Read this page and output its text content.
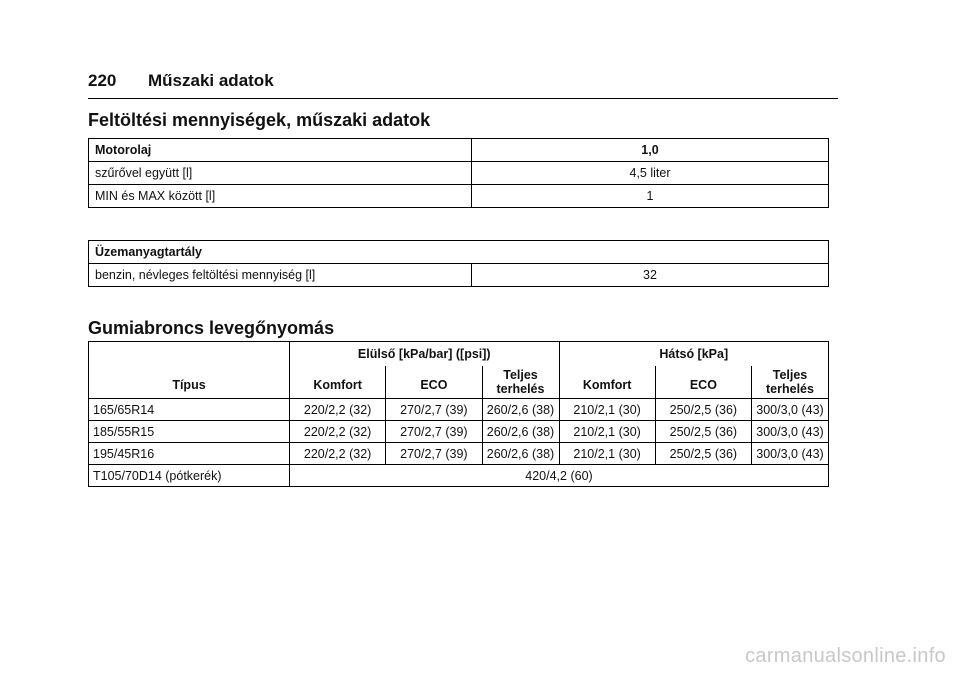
220 Műszaki adatok
Feltöltési mennyiségek, műszaki adatok
Motorolaj	1,0
szűrővel együtt [l]	4,5 liter
MIN és MAX között [l]	1
Üzemanyagtartály
benzin, névleges feltöltési mennyiség [l]	32
Gumiabroncs levegőnyomás
Típus	Elülső [kPa/bar] ([psi])			Hátsó [kPa]		
	Komfort	ECO	Teljes terhelés	Komfort	ECO	Teljes terhelés
165/65R14	220/2,2 (32)	270/2,7 (39)	260/2,6 (38)	210/2,1 (30)	250/2,5 (36)	300/3,0 (43)
185/55R15	220/2,2 (32)	270/2,7 (39)	260/2,6 (38)	210/2,1 (30)	250/2,5 (36)	300/3,0 (43)
195/45R16	220/2,2 (32)	270/2,7 (39)	260/2,6 (38)	210/2,1 (30)	250/2,5 (36)	300/3,0 (43)
T105/70D14 (pótkerék)	420/4,2 (60)					
carmanualsonline.info
